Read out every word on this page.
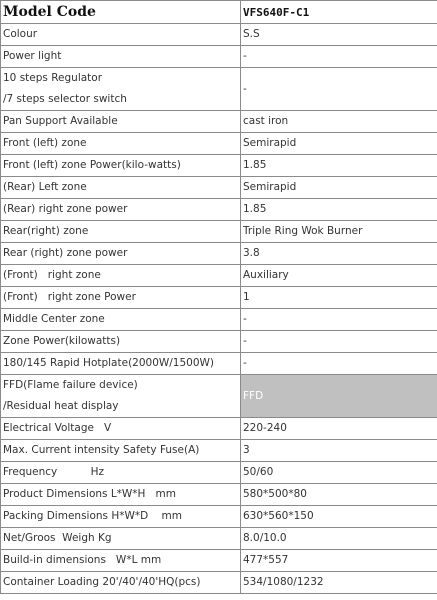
Model Code	VFS640F-C1
Colour	S.S
Power light	-
10 steps Regulator
/7 steps selector switch	-
Pan Support Available	cast iron
Front (left) zone	Semirapid
Front (left) zone Power(kilo-watts)	1.85
(Rear) Left zone	Semirapid
(Rear) right zone power	1.85
Rear(right) zone	Triple Ring Wok Burner
Rear (right) zone power	3.8
(Front)   right zone	Auxiliary
(Front)   right zone Power	1
Middle Center zone	-
Zone Power(kilowatts)	-
180/145 Rapid Hotplate(2000W/1500W)	-
FFD(Flame failure device)
/Residual heat display	FFD
Electrical Voltage   V	220-240
Max. Current intensity Safety Fuse(A)	3
Frequency          Hz	50/60
Product Dimensions L*W*H   mm	580*500*80
Packing Dimensions H*W*D    mm	630*560*150
Net/Groos  Weigh Kg	8.0/10.0
Build-in dimensions   W*L mm	477*557
Container Loading 20'/40'/40'HQ(pcs)	534/1080/1232
